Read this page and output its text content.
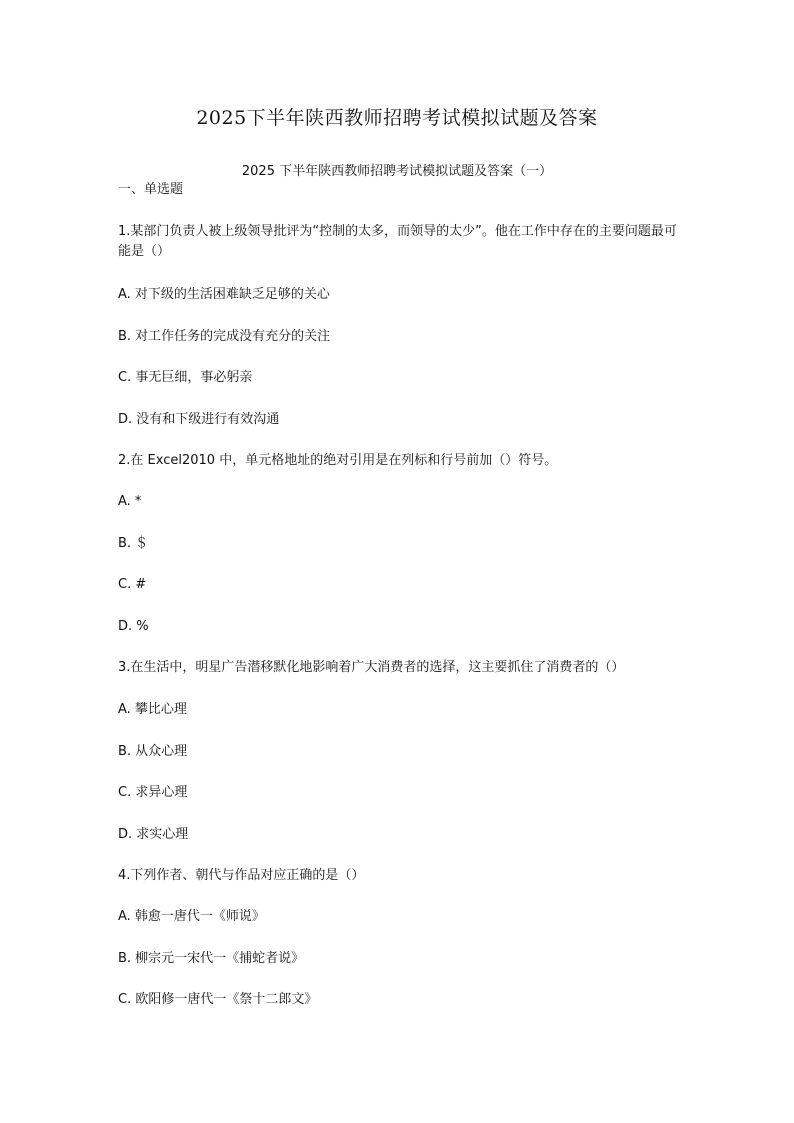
2025下半年陕西教师招聘考试模拟试题及答案
2025 下半年陕西教师招聘考试模拟试题及答案（一）
一、单选题
1.某部门负责人被上级领导批评为“控制的太多，而领导的太少”。他在工作中存在的主要问题最可能是（）
A. 对下级的生活困难缺乏足够的关心
B. 对工作任务的完成没有充分的关注
C. 事无巨细，事必躬亲
D. 没有和下级进行有效沟通
2.在 Excel2010 中，单元格地址的绝对引用是在列标和行号前加（）符号。
A. *
B. ＄
C. #
D. %
3.在生活中，明星广告潜移默化地影响着广大消费者的选择，这主要抓住了消费者的（）
A. 攀比心理
B. 从众心理
C. 求异心理
D. 求实心理
4.下列作者、朝代与作品对应正确的是（）
A. 韩愈一唐代一《师说》
B. 柳宗元一宋代一《捕蛇者说》
C. 欧阳修一唐代一《祭十二郎文》
